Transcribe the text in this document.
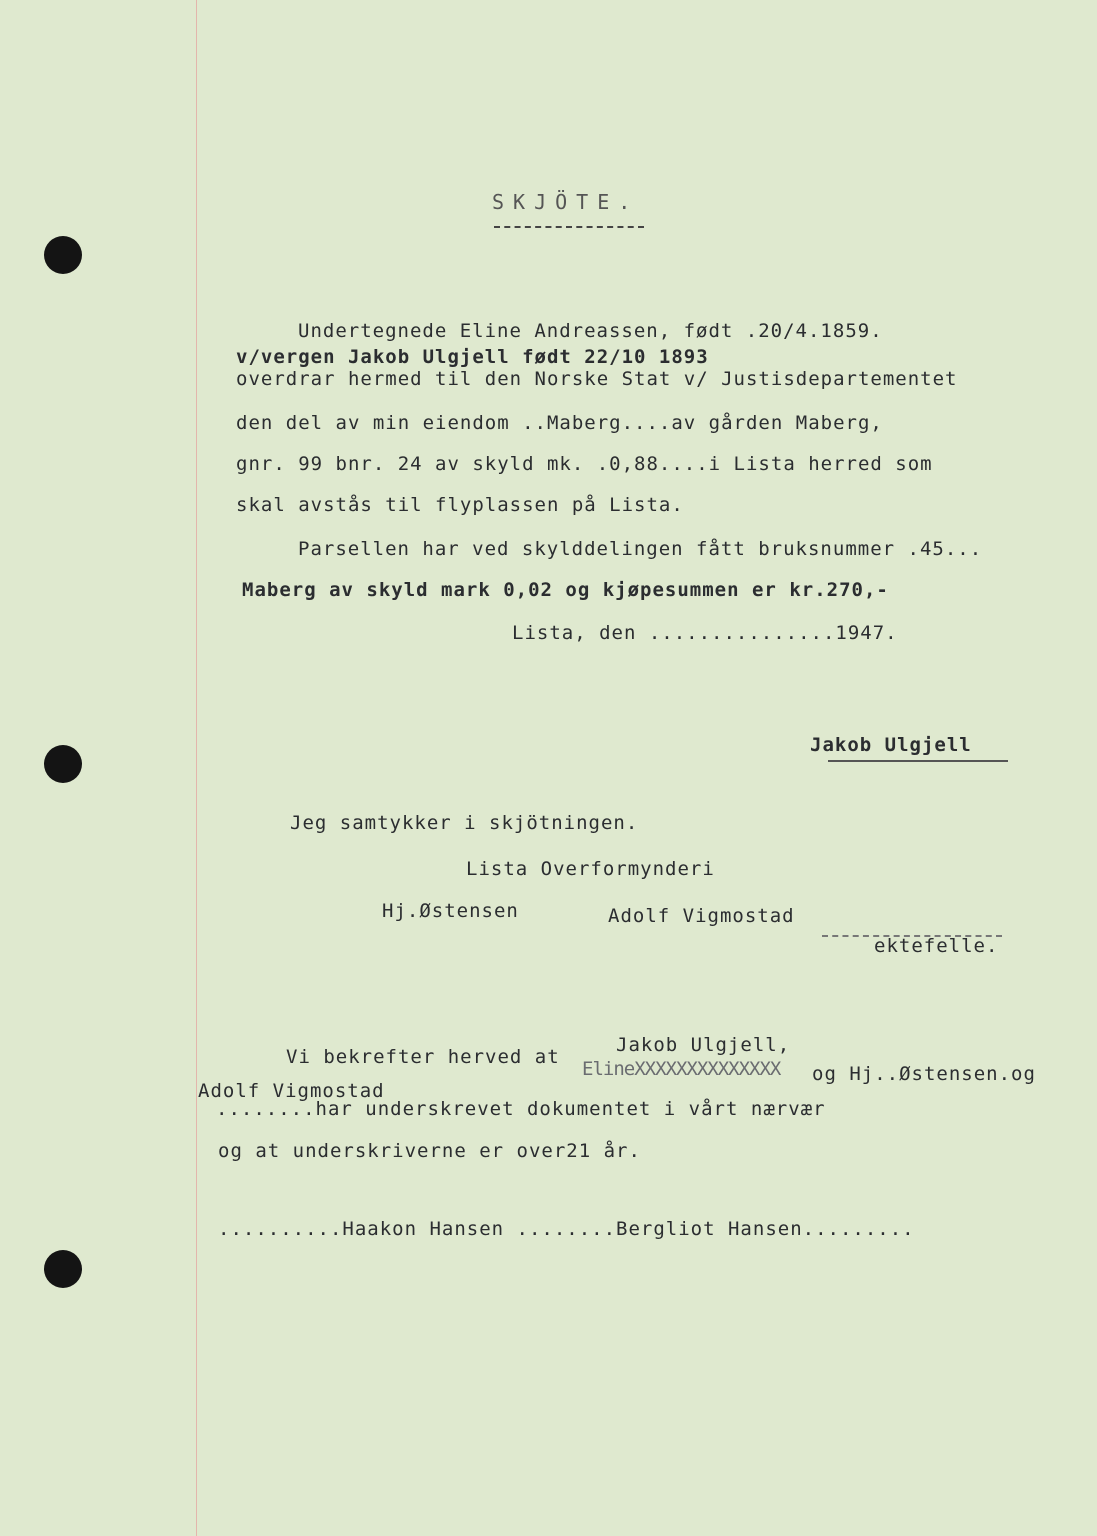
SKJÖTE.
Undertegnede Eline Andreassen, født .20/4.1859.
v/vergen Jakob Ulgjell født 22/10 1893
overdrar hermed til den Norske Stat v/ Justisdepartementet
den del av min eiendom ..Maberg....av gården Maberg,
gnr. 99 bnr. 24 av skyld mk. .0,88....i Lista herred som
skal avstås til flyplassen på Lista.
Parsellen har ved skylddelingen fått bruksnummer .45...
Maberg av skyld mark 0,02 og kjøpesummen er kr.270,-
Lista, den ...............1947.
Jakob Ulgjell
Jeg samtykker i skjötningen.
Lista Overformynderi
Hj.Østensen	Adolf Vigmostad
ektefelle.
Jakob Ulgjell,
Vi bekrefter herved at
ElineXXXXXXXXXXXXXX og Hj..Østensen.og
Adolf Vigmostad
........har underskrevet dokumentet i vårt nærvær
og at underskriverne er over21 år.
..........Haakon Hansen ........Bergliot Hansen.........
